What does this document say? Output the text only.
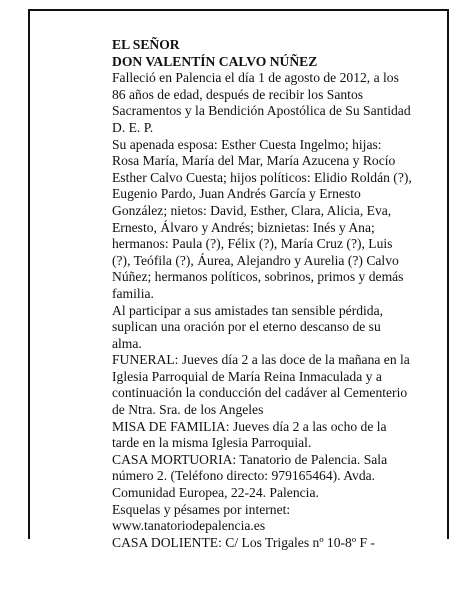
EL SEÑOR

DON VALENTÍN CALVO NÚÑEZ

Falleció en Palencia el día 1 de agosto de 2012, a los 86 años de edad, después de recibir los Santos Sacramentos y la Bendición Apostólica de Su Santidad D. E. P.

Su apenada esposa: Esther Cuesta Ingelmo; hijas: Rosa María, María del Mar, María Azucena y Rocío Esther Calvo Cuesta; hijos políticos: Elidio Roldán (?), Eugenio Pardo, Juan Andrés García y Ernesto González; nietos: David, Esther, Clara, Alicia, Eva, Ernesto, Álvaro y Andrés; biznietas: Inés y Ana; hermanos: Paula (?), Félix (?), María Cruz (?), Luis (?), Teófila (?), Áurea, Alejandro y Aurelia (?) Calvo Núñez; hermanos políticos, sobrinos, primos y demás familia.

Al participar a sus amistades tan sensible pérdida, suplican una oración por el eterno descanso de su alma.

FUNERAL: Jueves día 2 a las doce de la mañana en la Iglesia Parroquial de María Reina Inmaculada y a continuación la conducción del cadáver al Cementerio de Ntra. Sra. de los Angeles

MISA DE FAMILIA: Jueves día 2 a las ocho de la tarde en la misma Iglesia Parroquial.

CASA MORTUORIA: Tanatorio de Palencia. Sala número 2. (Teléfono directo: 979165464). Avda. Comunidad Europea, 22-24. Palencia.

Esquelas y pésames por internet: www.tanatoriodepalencia.es

CASA DOLIENTE: C/ Los Trigales nº 10-8º F -
